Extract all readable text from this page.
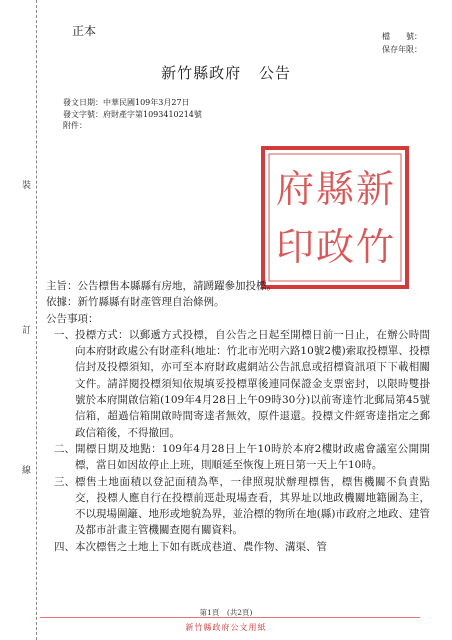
正本	檔　　號：
保存年限：
新竹縣政府 公告
發文日期：中華民國109年3月27日
發文字號：府財產字第1093410214號
附件：
裝
訂
線
新
竹
縣
政
府
印
主旨： 公告標售本縣縣有房地，請踴躍參加投標。
依據： 新竹縣縣有財產管理自治條例。
公告事項：
一、 投標方式：以郵遞方式投標，自公告之日起至開標日前一日止，在辦公時間向本府財政處公有財產科(地址：竹北市光明六路10號2樓)索取投標單、投標信封及投標須知，亦可至本府財政處網站公告訊息或招標資訊項下下載相關文件。請詳閱投標須知依規填妥投標單後連同保證金支票密封，以限時雙掛號於本府開啟信箱(109年4月28日上午09時30分)以前寄達竹北郵局第45號信箱，超過信箱開啟時間寄達者無效，原件退還。投標文件經寄達指定之郵政信箱後，不得撤回。
二、 開標日期及地點：109年4月28日上午10時於本府2樓財政處會議室公開開標，當日如因故停止上班，則順延至恢復上班日第一天上午10時。
三、 標售土地面積以登記面積為準，一律照現狀辦理標售，標售機關不負責點交，投標人應自行在投標前逕赴現場查看，其界址以地政機關地籍圖為主，不以現場圍籬、地形或地貌為界，並洽標的物所在地(縣)市政府之地政、建管及都市計畫主管機關查閱有關資料。
四、 本次標售之土地上下如有既成巷道、農作物、溝渠、管
第1頁　(共2頁)
新竹縣政府公文用紙
